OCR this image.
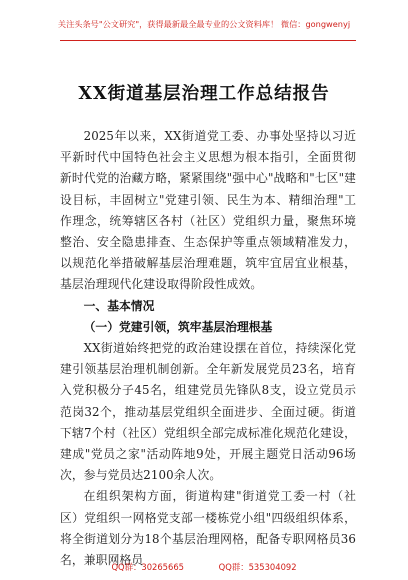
关注头条号"公文研究"，获得最新最全最专业的公文资料库！ 微信：gongwenyj
XX街道基层治理工作总结报告

2025年以来，XX街道党工委、办事处坚持以习近平新时代中国特色社会主义思想为根本指引，全面贯彻新时代党的治藏方略，紧紧围绕"强中心"战略和"七区"建设目标，丰固树立"党建引领、民生为本、精细治理"工作理念，统筹辖区各村（社区）党组织力量，聚焦环境整治、安全隐患排查、生态保护等重点领域精准发力，以规范化举措破解基层治理难题，筑牢宜居宜业根基，基层治理现代化建设取得阶段性成效。

一、基本情况

（一）党建引领，筑牢基层治理根基

XX街道始终把党的政治建设摆在首位，持续深化党建引领基层治理机制创新。全年新发展党员23名，培育入党积极分子45名，组建党员先锋队8支，设立党员示范岗32个，推动基层党组织全面进步、全面过硬。街道下辖7个村（社区）党组织全部完成标准化规范化建设，建成"党员之家"活动阵地9处，开展主题党日活动96场次，参与党员达2100余人次。

在组织架构方面，街道构建"街道党工委一村（社区）党组织一网格党支部一楼栋党小组"四级组织体系，将全街道划分为18个基层治理网格，配备专职网格员36名，兼职网格员

QQ群：30265665	QQ群：535304092
